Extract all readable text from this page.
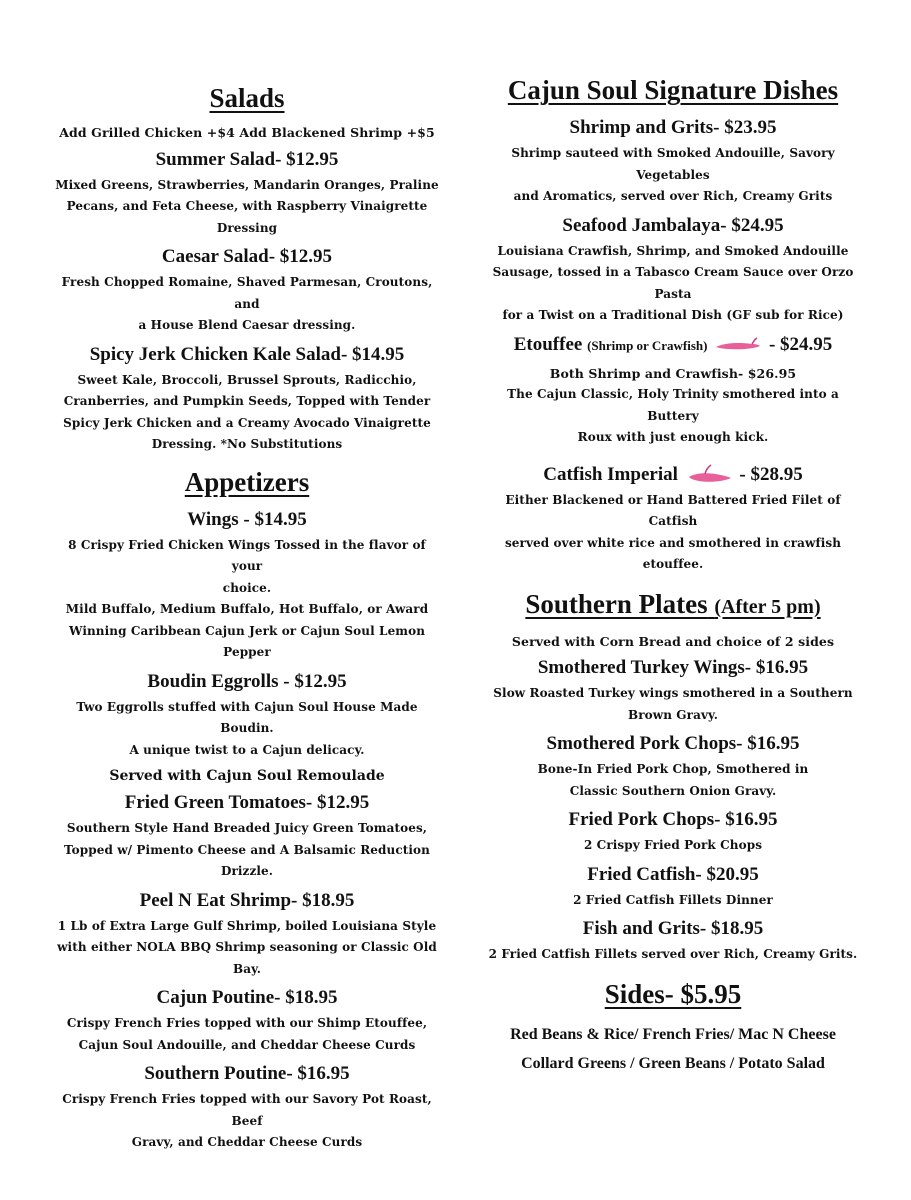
Salads

Add Grilled Chicken +$4 Add Blackened Shrimp +$5

Summer Salad- $12.95

Mixed Greens, Strawberries, Mandarin Oranges, Praline

Pecans, and Feta Cheese, with Raspberry Vinaigrette

Dressing

Caesar Salad- $12.95

Fresh Chopped Romaine, Shaved Parmesan, Croutons, and

a House Blend Caesar dressing.

Spicy Jerk Chicken Kale Salad- $14.95

Sweet Kale, Broccoli, Brussel Sprouts, Radicchio,

Cranberries, and Pumpkin Seeds, Topped with Tender

Spicy Jerk Chicken and a Creamy Avocado Vinaigrette

Dressing. *No Substitutions

Appetizers

Wings - $14.95

8 Crispy Fried Chicken Wings Tossed in the flavor of your

choice.

Mild Buffalo, Medium Buffalo, Hot Buffalo, or Award

Winning Caribbean Cajun Jerk or Cajun Soul Lemon

Pepper

Boudin Eggrolls - $12.95

Two Eggrolls stuffed with Cajun Soul House Made Boudin.

A unique twist to a Cajun delicacy.

Served with Cajun Soul Remoulade

Fried Green Tomatoes- $12.95

Southern Style Hand Breaded Juicy Green Tomatoes,

Topped w/ Pimento Cheese and A Balsamic Reduction

Drizzle.

Peel N Eat Shrimp- $18.95

1 Lb of Extra Large Gulf Shrimp, boiled Louisiana Style

with either NOLA BBQ Shrimp seasoning or Classic Old

Bay.

Cajun Poutine- $18.95

Crispy French Fries topped with our Shimp Etouffee,

Cajun Soul Andouille, and Cheddar Cheese Curds

Southern Poutine- $16.95

Crispy French Fries topped with our Savory Pot Roast, Beef

Gravy, and Cheddar Cheese Curds

Cajun Soul Signature Dishes

Shrimp and Grits- $23.95

Shrimp sauteed with Smoked Andouille, Savory Vegetables

and Aromatics, served over Rich, Creamy Grits

Seafood Jambalaya- $24.95

Louisiana Crawfish, Shrimp, and Smoked Andouille

Sausage, tossed in a Tabasco Cream Sauce over Orzo Pasta

for a Twist on a Traditional Dish (GF sub for Rice)

Etouffee (Shrimp or Crawfish)	- $24.95

Both Shrimp and Crawfish- $26.95

The Cajun Classic, Holy Trinity smothered into a Buttery

Roux with just enough kick.

Catfish Imperial	- $28.95

Either Blackened or Hand Battered Fried Filet of Catfish

served over white rice and smothered in crawfish etouffee.

Southern Plates (After 5 pm)

Served with Corn Bread and choice of 2 sides

Smothered Turkey Wings- $16.95

Slow Roasted Turkey wings smothered in a Southern

Brown Gravy.

Smothered Pork Chops- $16.95

Bone-In Fried Pork Chop, Smothered in

Classic Southern Onion Gravy.

Fried Pork Chops- $16.95

2 Crispy Fried Pork Chops

Fried Catfish- $20.95

2 Fried Catfish Fillets Dinner

Fish and Grits- $18.95

2 Fried Catfish Fillets served over Rich, Creamy Grits.

Sides- $5.95

Red Beans & Rice/ French Fries/ Mac N Cheese

Collard Greens / Green Beans / Potato Salad
